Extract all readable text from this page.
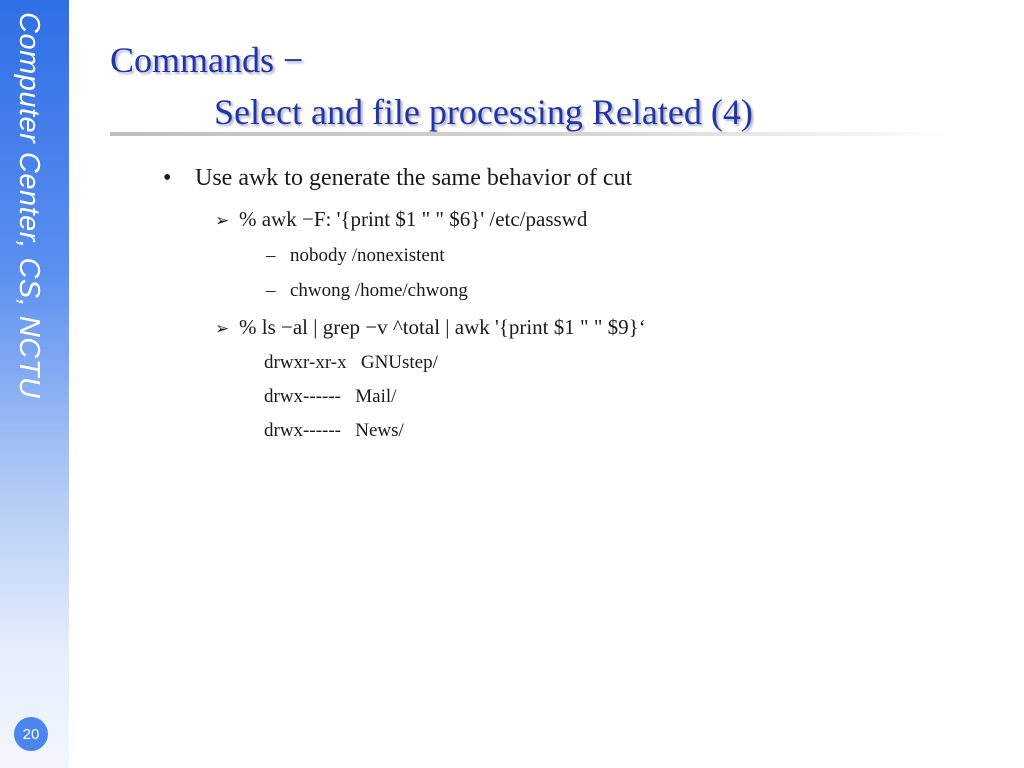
Computer Center, CS, NCTU
20
Commands −
Select and file processing Related (4)
• Use awk to generate the same behavior of cut
➢ % awk −F: '{print $1 " " $6}' /etc/passwd
– nobody /nonexistent
– chwong /home/chwong
➢ % ls −al | grep −v ^total | awk '{print $1 " " $9}‘
drwxr-xr-x   GNUstep/
drwx------   Mail/
drwx------   News/
